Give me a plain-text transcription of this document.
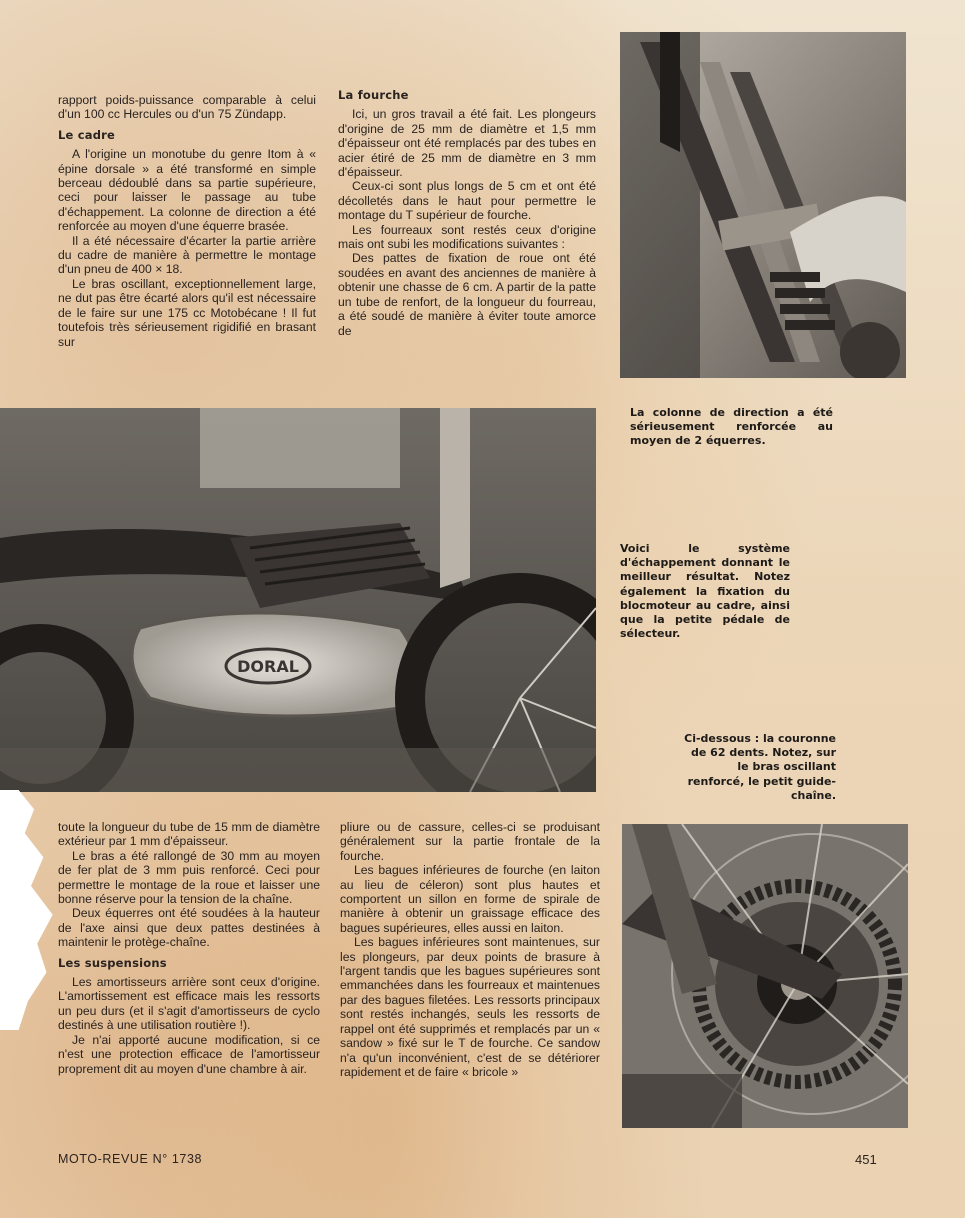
rapport poids-puissance comparable à celui d'un 100 cc Hercules ou d'un 75 Zündapp.

Le cadre

A l'origine un monotube du genre Itom à « épine dorsale » a été transformé en simple berceau dédoublé dans sa partie supérieure, ceci pour laisser le passage au tube d'échappement. La colonne de direction a été renforcée au moyen d'une équerre brasée.

Il a été nécessaire d'écarter la partie arrière du cadre de manière à permettre le montage d'un pneu de 400 × 18.

Le bras oscillant, exceptionnellement large, ne dut pas être écarté alors qu'il est nécessaire de le faire sur une 175 cc Motobécane ! Il fut toutefois très sérieusement rigidifié en brasant sur

La fourche

Ici, un gros travail a été fait. Les plongeurs d'origine de 25 mm de diamètre et 1,5 mm d'épaisseur ont été remplacés par des tubes en acier étiré de 25 mm de diamètre en 3 mm d'épaisseur.

Ceux-ci sont plus longs de 5 cm et ont été décolletés dans le haut pour permettre le montage du T supérieur de fourche.

Les fourreaux sont restés ceux d'origine mais ont subi les modifications suivantes :

Des pattes de fixation de roue ont été soudées en avant des anciennes de manière à obtenir une chasse de 6 cm. A partir de la patte un tube de renfort, de la longueur du fourreau, a été soudé de manière à éviter toute amorce de

DORAL
La colonne de direction a été sérieusement renforcée au moyen de 2 équerres.
Voici le système d'échappement donnant le meilleur résultat. Notez également la fixation du blocmoteur au cadre, ainsi que la petite pédale de sélecteur.
Ci-dessous : la couronne de 62 dents. Notez, sur le bras oscillant renforcé, le petit guide-chaîne.

toute la longueur du tube de 15 mm de diamètre extérieur par 1 mm d'épaisseur.

Le bras a été rallongé de 30 mm au moyen de fer plat de 3 mm puis renforcé. Ceci pour permettre le montage de la roue et laisser une bonne réserve pour la tension de la chaîne.

Deux équerres ont été soudées à la hauteur de l'axe ainsi que deux pattes destinées à maintenir le protège-chaîne.

Les suspensions

Les amortisseurs arrière sont ceux d'origine. L'amortissement est efficace mais les ressorts un peu durs (et il s'agit d'amortisseurs de cyclo destinés à une utilisation routière !).

Je n'ai apporté aucune modification, si ce n'est une protection efficace de l'amortisseur proprement dit au moyen d'une chambre à air.

pliure ou de cassure, celles-ci se produisant généralement sur la partie frontale de la fourche.

Les bagues inférieures de fourche (en laiton au lieu de céleron) sont plus hautes et comportent un sillon en forme de spirale de manière à obtenir un graissage efficace des bagues supérieures, elles aussi en laiton.

Les bagues inférieures sont maintenues, sur les plongeurs, par deux points de brasure à l'argent tandis que les bagues supérieures sont emmanchées dans les fourreaux et maintenues par des bagues filetées. Les ressorts principaux sont restés inchangés, seuls les ressorts de rappel ont été supprimés et remplacés par un « sandow » fixé sur le T de fourche. Ce sandow n'a qu'un inconvénient, c'est de se détériorer rapidement et de faire « bricole »

MOTO-REVUE N° 1738	451
